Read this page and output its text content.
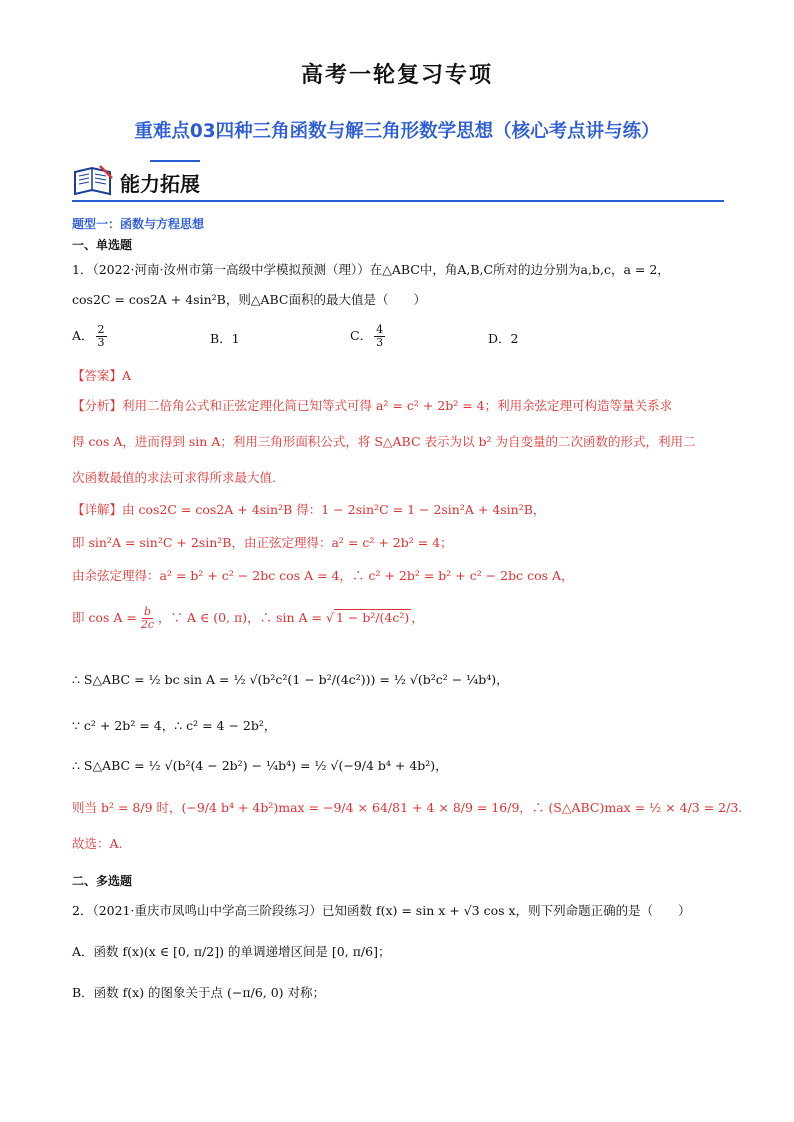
高考一轮复习专项
重难点03四种三角函数与解三角形数学思想（核心考点讲与练）
能力拓展
题型一：函数与方程思想
一、单选题
1．（2022·河南·汝州市第一高级中学模拟预测（理））在△ABC中，角A,B,C所对的边分别为a,b,c，a = 2，
cos2C = cos2A + 4sin²B，则△ABC面积的最大值是（　　）
A． $\frac{2}{3}$	B．1	C． $\frac{4}{3}$	D．2
【答案】A
【分析】利用二倍角公式和正弦定理化简已知等式可得 a² = c² + 2b² = 4；利用余弦定理可构造等量关系求
得 cos A，进而得到 sin A；利用三角形面积公式，将 S△ABC 表示为以 b² 为自变量的二次函数的形式，利用二
次函数最值的求法可求得所求最大值.
【详解】由 cos2C = cos2A + 4sin²B 得：1 − 2sin²C = 1 − 2sin²A + 4sin²B，
即 sin²A = sin²C + 2sin²B，由正弦定理得：a² = c² + 2b² = 4；
由余弦定理得：a² = b² + c² − 2bc cos A = 4，∴ c² + 2b² = b² + c² − 2bc cos A，
即 $\cos A = \frac{b}{2c}$ ，∵ A ∈ (0, π)，∴ sin A = √ 1 − b²/(4c²) ，
∴ S△ABC = ½ bc sin A = ½ √(b²c²(1 − b²/(4c²))) = ½ √(b²c² − ¼b⁴)，
∵ c² + 2b² = 4，∴ c² = 4 − 2b²，
∴ S△ABC = ½ √(b²(4 − 2b²) − ¼b⁴) = ½ √(−9/4 b⁴ + 4b²)，
则当 b² = 8/9 时，(−9/4 b⁴ + 4b²)max = −9/4 × 64/81 + 4 × 8/9 = 16/9，∴ (S△ABC)max = ½ × 4/3 = 2/3.
故选：A.
二、多选题
2．（2021·重庆市凤鸣山中学高三阶段练习）已知函数 f(x) = sin x + √3 cos x，则下列命题正确的是（　　）
A．函数 f(x)(x ∈ [0, π/2]) 的单调递增区间是 [0, π/6]；
B．函数 f(x) 的图象关于点 (−π/6, 0) 对称；
